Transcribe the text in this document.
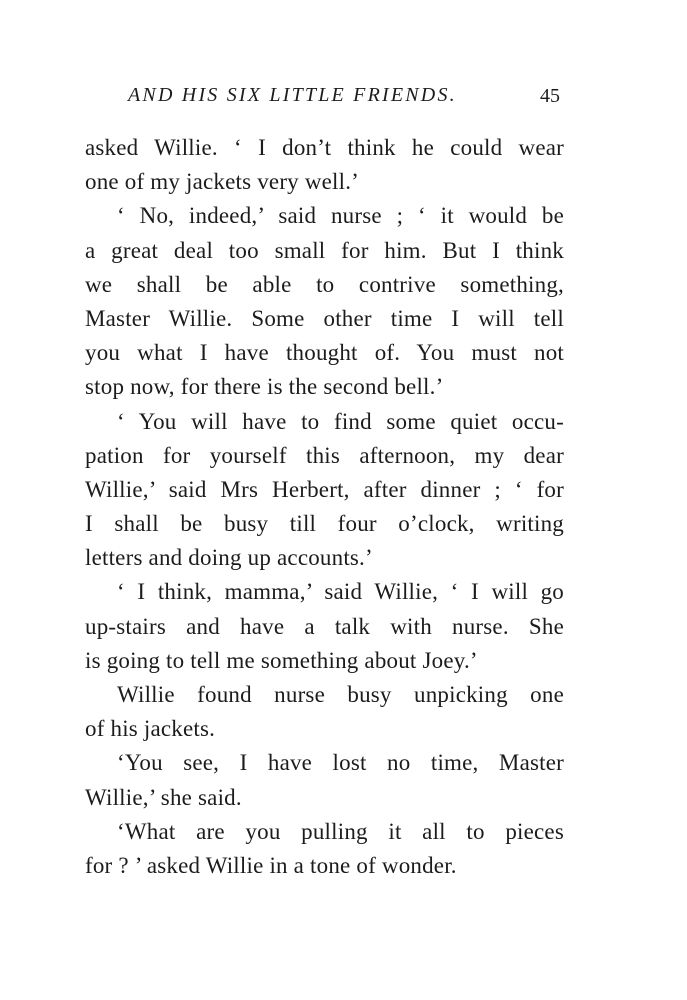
AND HIS SIX LITTLE FRIENDS.	45
asked Willie. ‘ I don’t think he could wear
one of my jackets very well.’
‘ No, indeed,’ said nurse ; ‘ it would be
a great deal too small for him. But I think
we shall be able to contrive something,
Master Willie. Some other time I will tell
you what I have thought of. You must not
stop now, for there is the second bell.’
‘ You will have to find some quiet occu-
pation for yourself this afternoon, my dear
Willie,’ said Mrs Herbert, after dinner ; ‘ for
I shall be busy till four o’clock, writing
letters and doing up accounts.’
‘ I think, mamma,’ said Willie, ‘ I will go
up-stairs and have a talk with nurse. She
is going to tell me something about Joey.’
Willie found nurse busy unpicking one
of his jackets.
‘You see, I have lost no time, Master
Willie,’ she said.
‘What are you pulling it all to pieces
for ? ’ asked Willie in a tone of wonder.
